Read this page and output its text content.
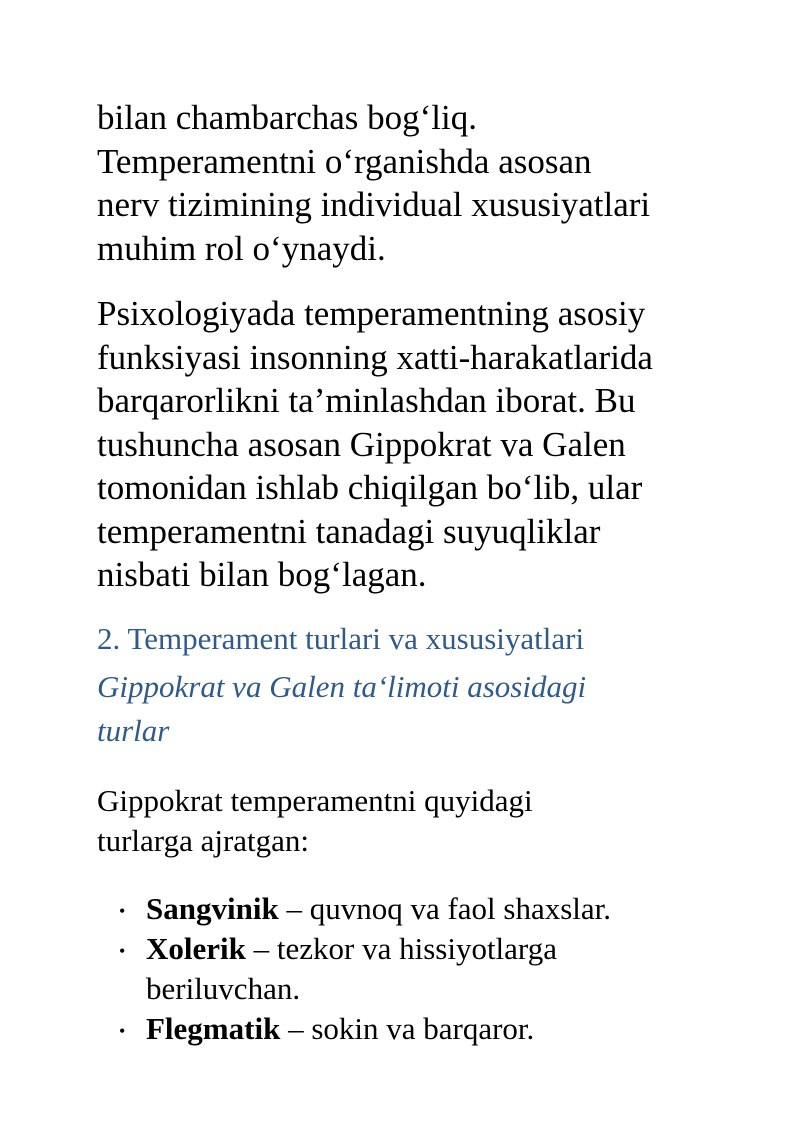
bilan chambarchas bog‘liq.
Temperamentni o‘rganishda asosan
nerv tizimining individual xususiyatlari
muhim rol o‘ynaydi.

Psixologiyada temperamentning asosiy
funksiyasi insonning xatti-harakatlarida
barqarorlikni ta’minlashdan iborat. Bu
tushuncha asosan Gippokrat va Galen
tomonidan ishlab chiqilgan bo‘lib, ular
temperamentni tanadagi suyuqliklar
nisbati bilan bog‘lagan.

2. Temperament turlari va xususiyatlari
Gippokrat va Galen ta‘limoti asosidagi
turlar

Gippokrat temperamentni quyidagi
turlarga ajratgan:

• Sangvinik – quvnoq va faol shaxslar.
• Xolerik – tezkor va hissiyotlarga
beriluvchan.
• Flegmatik – sokin va barqaror.
